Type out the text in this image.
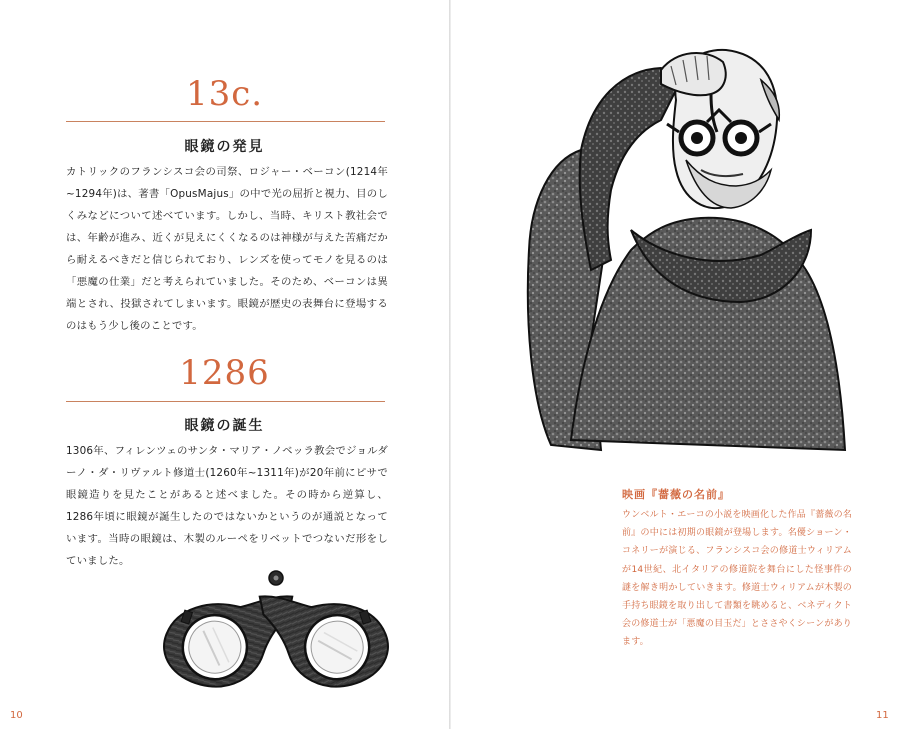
13c.
眼鏡の発見
カトリックのフランシスコ会の司祭、ロジャー・ベーコン(1214年~1294年)は、著書「OpusMajus」の中で光の屈折と視力、目のしくみなどについて述べています。しかし、当時、キリスト教社会では、年齢が進み、近くが見えにくくなるのは神様が与えた苦痛だから耐えるべきだと信じられており、レンズを使ってモノを見るのは「悪魔の仕業」だと考えられていました。そのため、ベーコンは異端とされ、投獄されてしまいます。眼鏡が歴史の表舞台に登場するのはもう少し後のことです。
1286
眼鏡の誕生
1306年、フィレンツェのサンタ・マリア・ノベッラ教会でジョルダーノ・ダ・リヴァルト修道士(1260年~1311年)が20年前にピサで眼鏡造りを見たことがあると述べました。その時から逆算し、1286年頃に眼鏡が誕生したのではないかというのが通説となっています。当時の眼鏡は、木製のルーペをリベットでつないだ形をしていました。
10
映画『薔薇の名前』
ウンベルト・エーコの小説を映画化した作品『薔薇の名前』の中には初期の眼鏡が登場します。名優ショーン・コネリーが演じる、フランシスコ会の修道士ウィリアムが14世紀、北イタリアの修道院を舞台にした怪事件の謎を解き明かしていきます。修道士ウィリアムが木製の手持ち眼鏡を取り出して書類を眺めると、ベネディクト会の修道士が「悪魔の目玉だ」とささやくシーンがあります。
11
